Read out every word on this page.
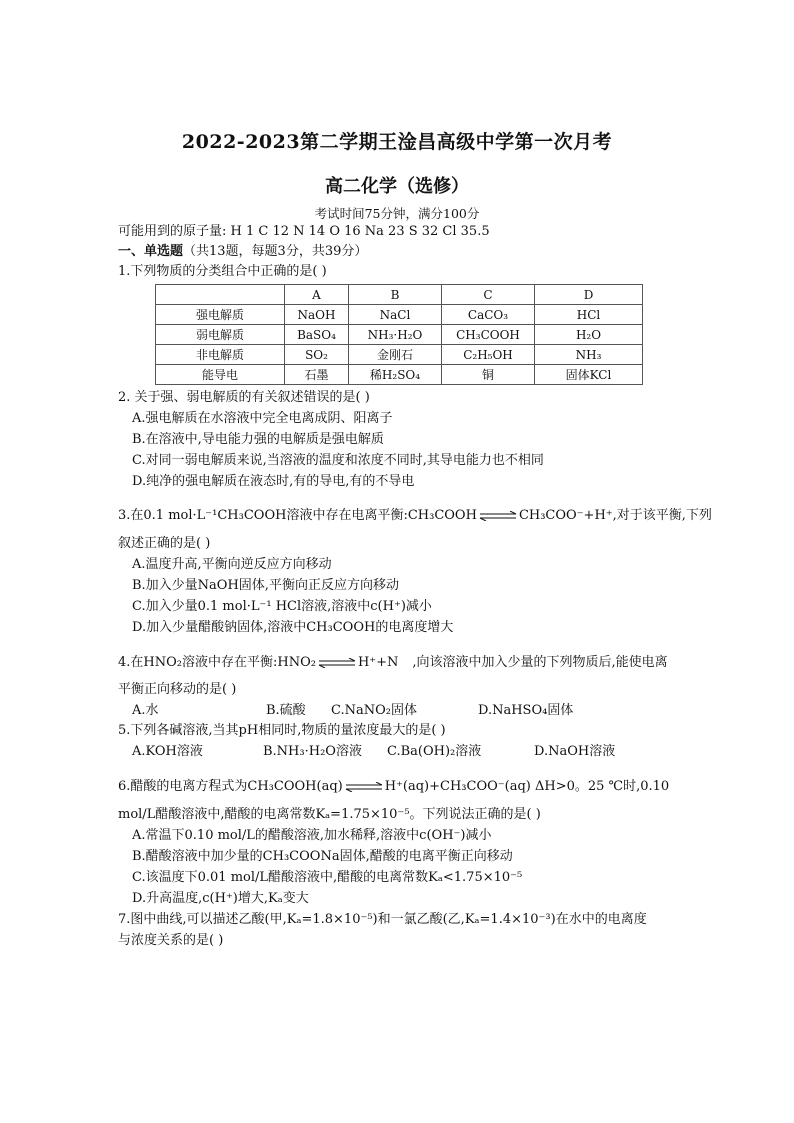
2022-2023第二学期王淦昌高级中学第一次月考
高二化学（选修）
考试时间75分钟，满分100分
可能用到的原子量: H 1 C 12 N 14 O 16 Na 23 S 32 Cl 35.5
一、单选题（共13题，每题3分，共39分）
1.下列物质的分类组合中正确的是( )
	A	B	C	D
强电解质	NaOH	NaCl	CaCO₃	HCl
弱电解质	BaSO₄	NH₃·H₂O	CH₃COOH	H₂O
非电解质	SO₂	金刚石	C₂H₅OH	NH₃
能导电	石墨	稀H₂SO₄	铜	固体KCl
2. 关于强、弱电解质的有关叙述错误的是( )
A.强电解质在水溶液中完全电离成阴、阳离子
B.在溶液中,导电能力强的电解质是强电解质
C.对同一弱电解质来说,当溶液的温度和浓度不同时,其导电能力也不相同
D.纯净的强电解质在液态时,有的导电,有的不导电
3.在0.1 mol·L⁻¹CH₃COOH溶液中存在电离平衡:CH₃COOH ⇌ CH₃COO⁻+H⁺,对于该平衡,下列
叙述正确的是( )
A.温度升高,平衡向逆反应方向移动
B.加入少量NaOH固体,平衡向正反应方向移动
C.加入少量0.1 mol·L⁻¹ HCl溶液,溶液中c(H⁺)减小
D.加入少量醋酸钠固体,溶液中CH₃COOH的电离度增大
4.在HNO₂溶液中存在平衡:HNO₂ ⇌ H⁺+N ,向该溶液中加入少量的下列物质后,能使电离
平衡正向移动的是( )
A.水	B.硫酸 C.NaNO₂固体	D.NaHSO₄固体
5.下列各碱溶液,当其pH相同时,物质的量浓度最大的是( )
A.KOH溶液	B.NH₃·H₂O溶液 C.Ba(OH)₂溶液	D.NaOH溶液
6.醋酸的电离方程式为CH₃COOH(aq) ⇌ H⁺(aq)+CH₃COO⁻(aq) ΔH>0。25 ℃时,0.10
mol/L醋酸溶液中,醋酸的电离常数Kₐ=1.75×10⁻⁵。下列说法正确的是( )
A.常温下0.10 mol/L的醋酸溶液,加水稀释,溶液中c(OH⁻)减小
B.醋酸溶液中加少量的CH₃COONa固体,醋酸的电离平衡正向移动
C.该温度下0.01 mol/L醋酸溶液中,醋酸的电离常数Kₐ<1.75×10⁻⁵
D.升高温度,c(H⁺)增大,Kₐ变大
7.图中曲线,可以描述乙酸(甲,Kₐ=1.8×10⁻⁵)和一氯乙酸(乙,Kₐ=1.4×10⁻³)在水中的电离度
与浓度关系的是( )
